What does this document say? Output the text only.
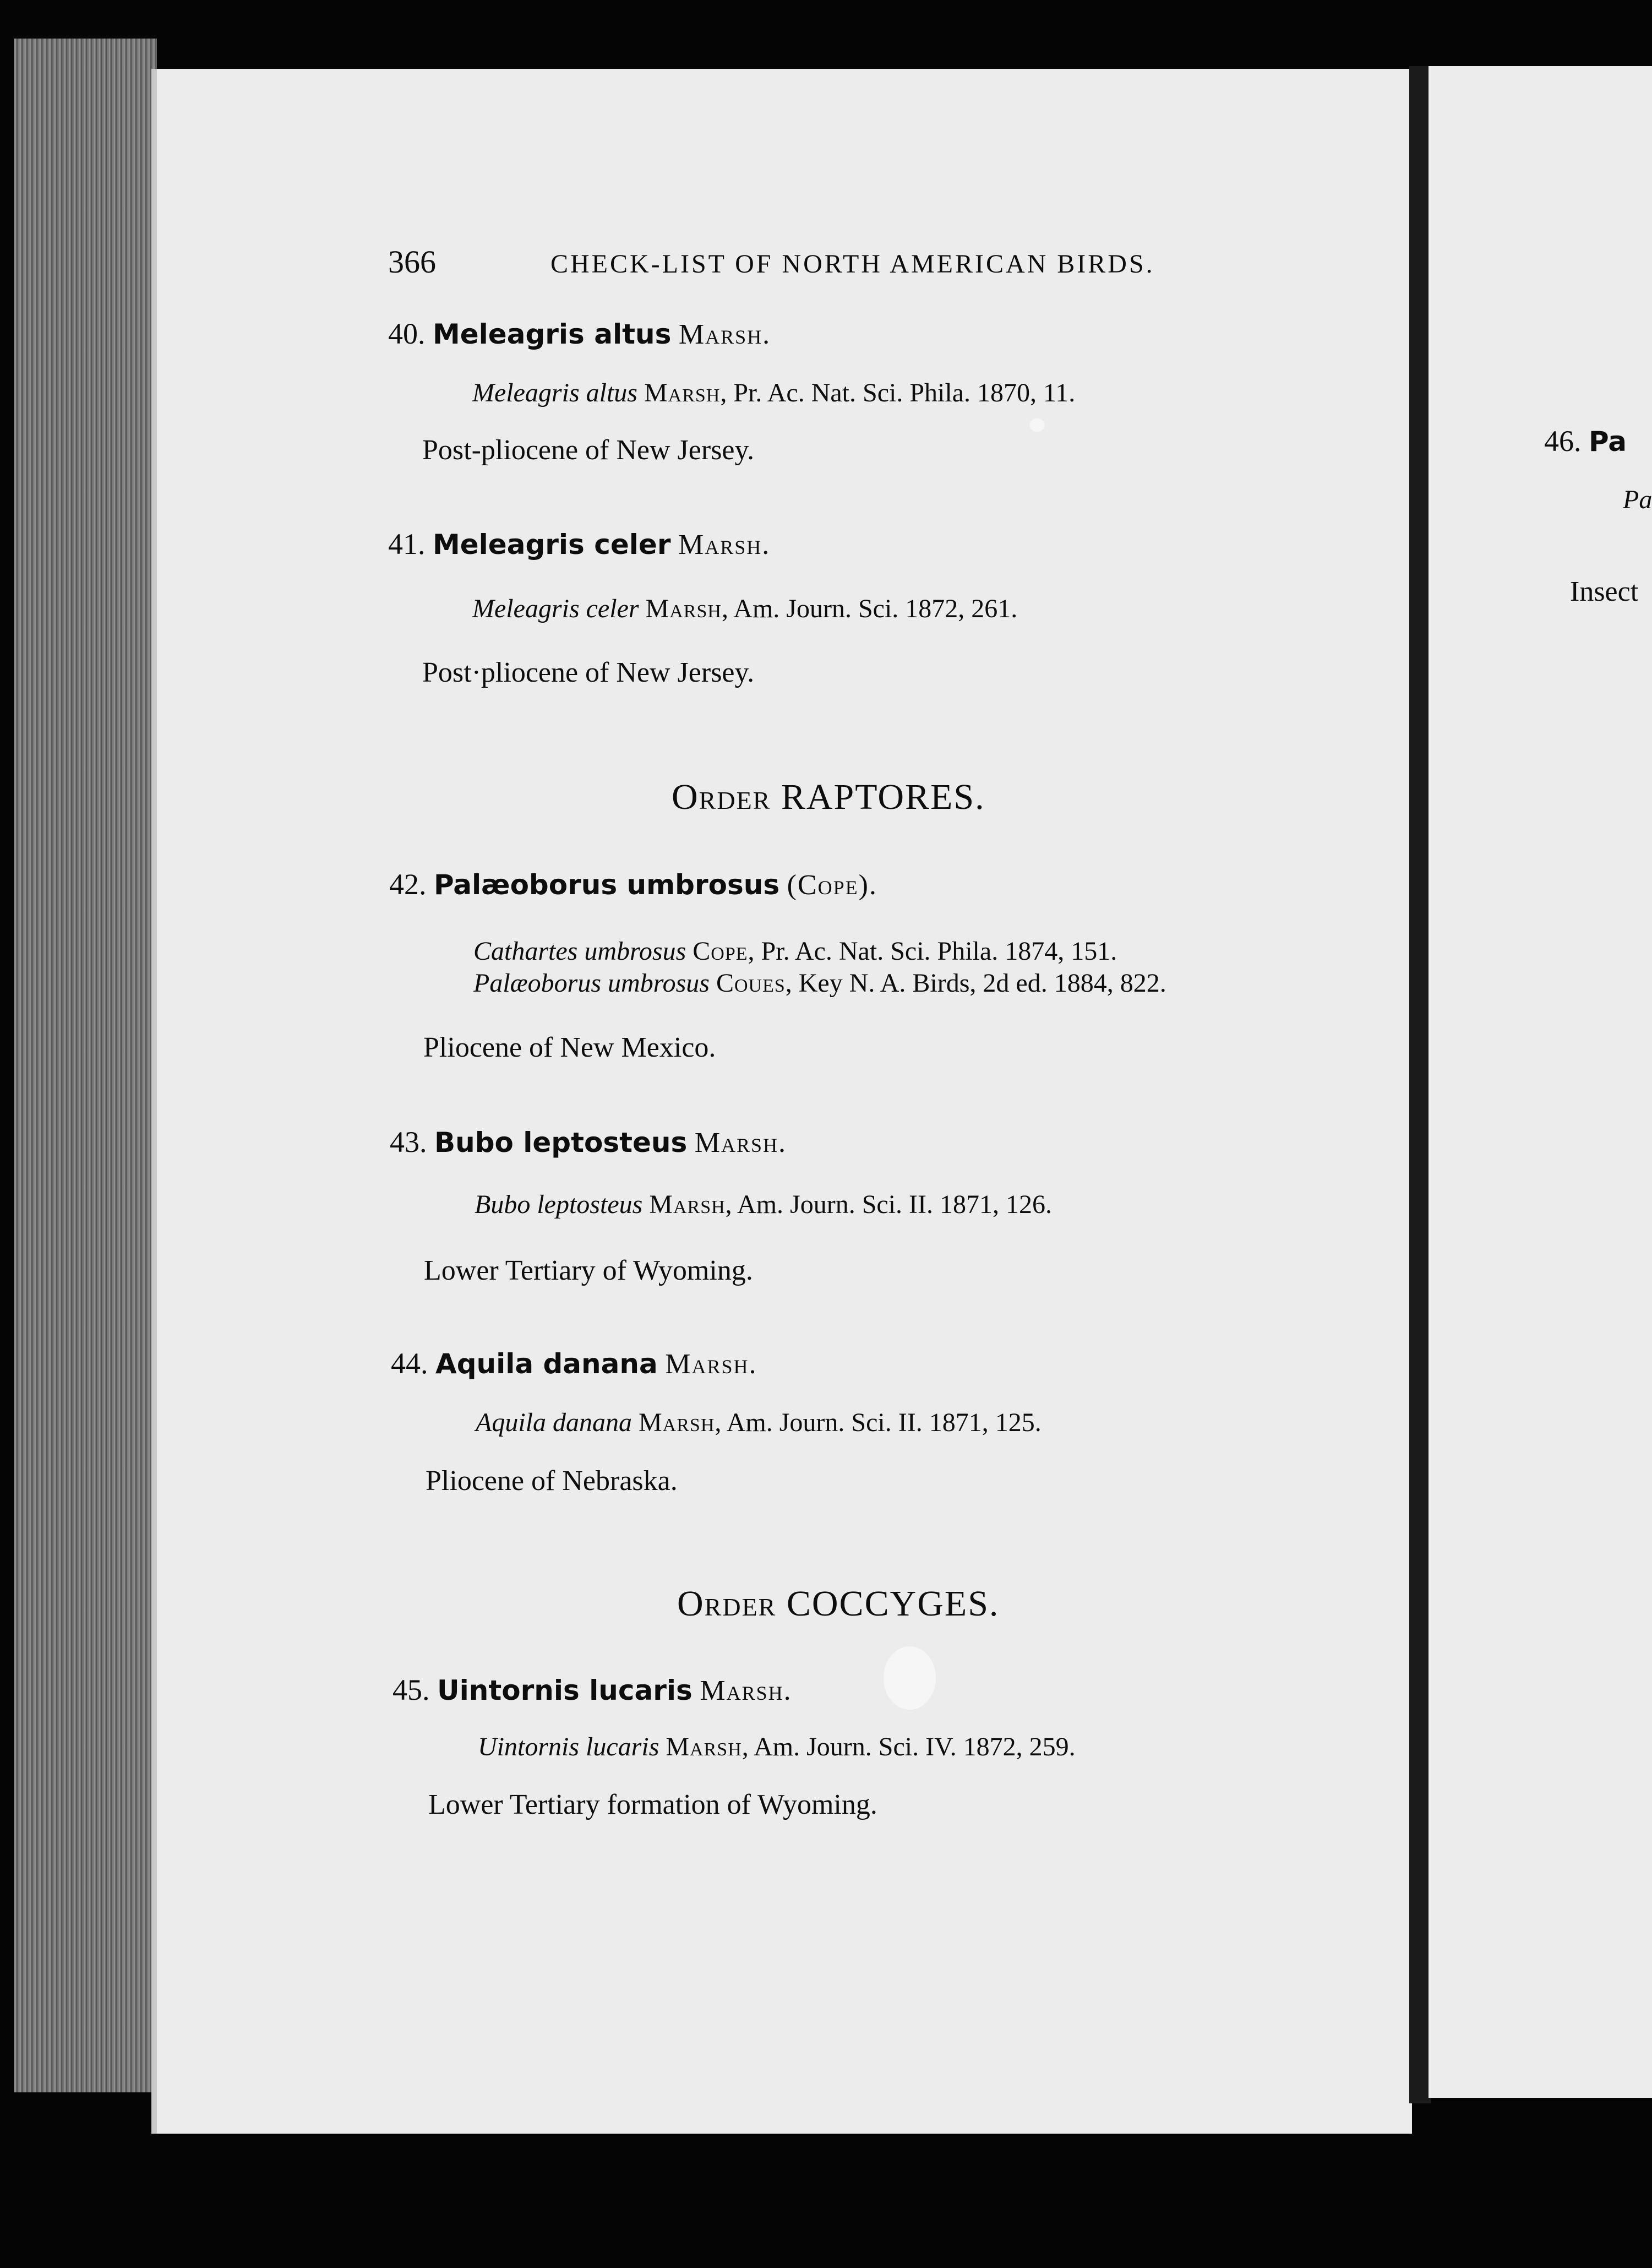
366	CHECK-LIST OF NORTH AMERICAN BIRDS.
40. Meleagris altus Marsh.
Meleagris altus Marsh, Pr. Ac. Nat. Sci. Phila. 1870, 11.
Post-pliocene of New Jersey.
41. Meleagris celer Marsh.
Meleagris celer Marsh, Am. Journ. Sci. 1872, 261.
Post·pliocene of New Jersey.
Order RAPTORES.
42. Palæoborus umbrosus (Cope).
Cathartes umbrosus Cope, Pr. Ac. Nat. Sci. Phila. 1874, 151.
Palæoborus umbrosus Coues, Key N. A. Birds, 2d ed. 1884, 822.
Pliocene of New Mexico.
43. Bubo leptosteus Marsh.
Bubo leptosteus Marsh, Am. Journ. Sci. II. 1871, 126.
Lower Tertiary of Wyoming.
44. Aquila danana Marsh.
Aquila danana Marsh, Am. Journ. Sci. II. 1871, 125.
Pliocene of Nebraska.
Order COCCYGES.
45. Uintornis lucaris Marsh.
Uintornis lucaris Marsh, Am. Journ. Sci. IV. 1872, 259.
Lower Tertiary formation of Wyoming.
46. Pa
Pa
Insect
